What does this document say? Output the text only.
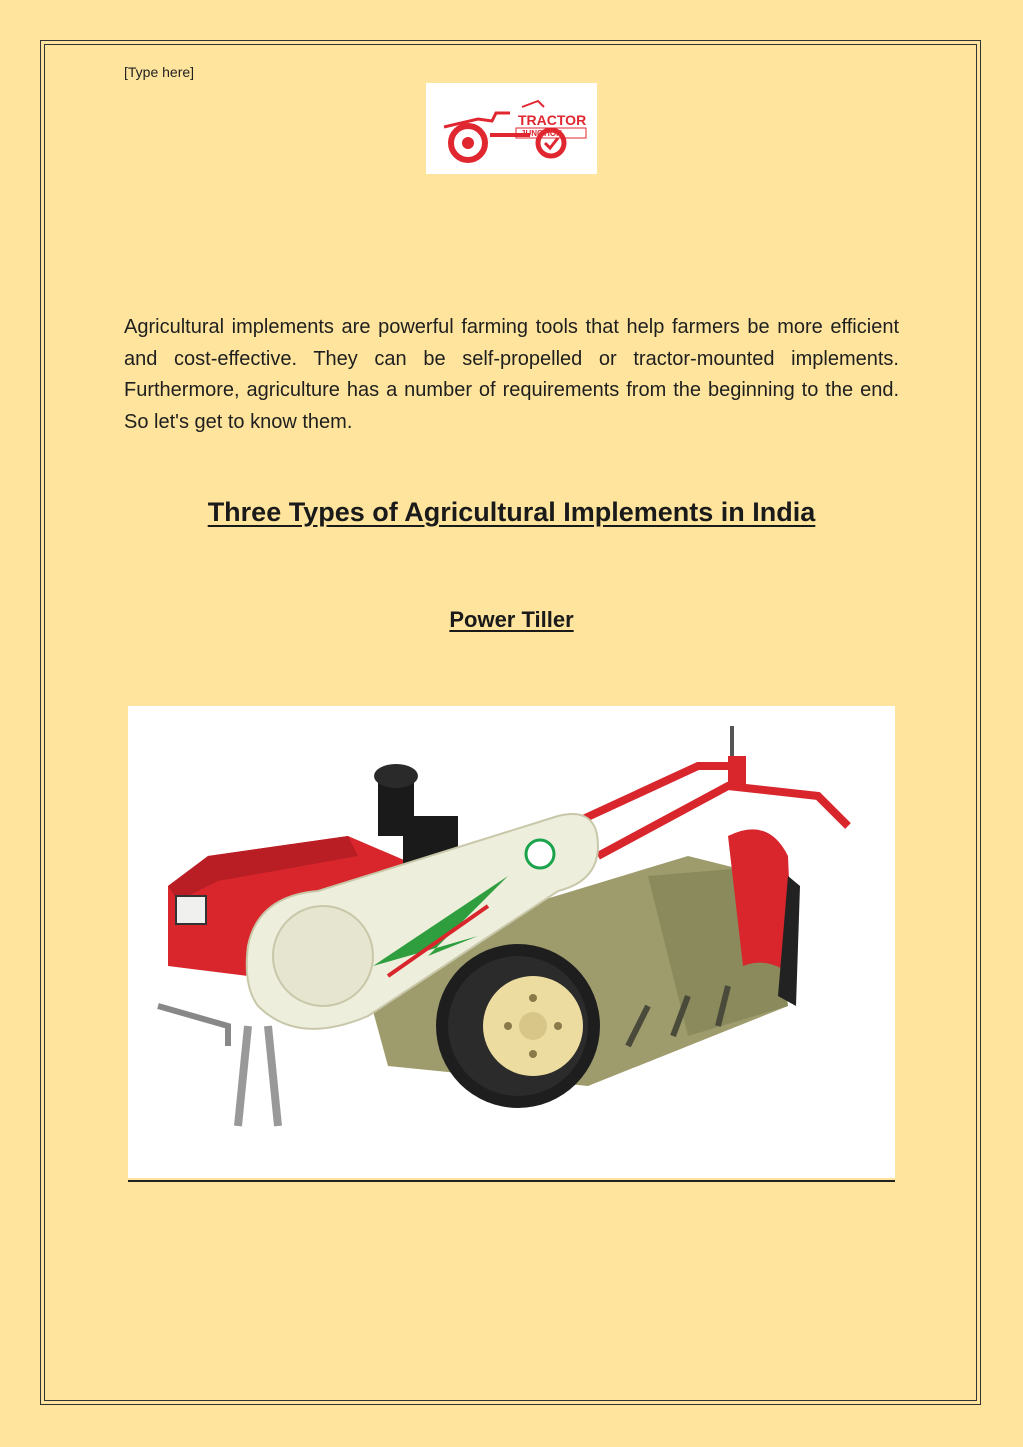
[Type here]
TRACTOR
JUNCTION

Agricultural implements are powerful farming tools that help farmers be more efficient and cost-effective. They can be self-propelled or tractor-mounted implements. Furthermore, agriculture has a number of requirements from the beginning to the end. So let's get to know them.

Three Types of Agricultural Implements in India
Power Tiller
